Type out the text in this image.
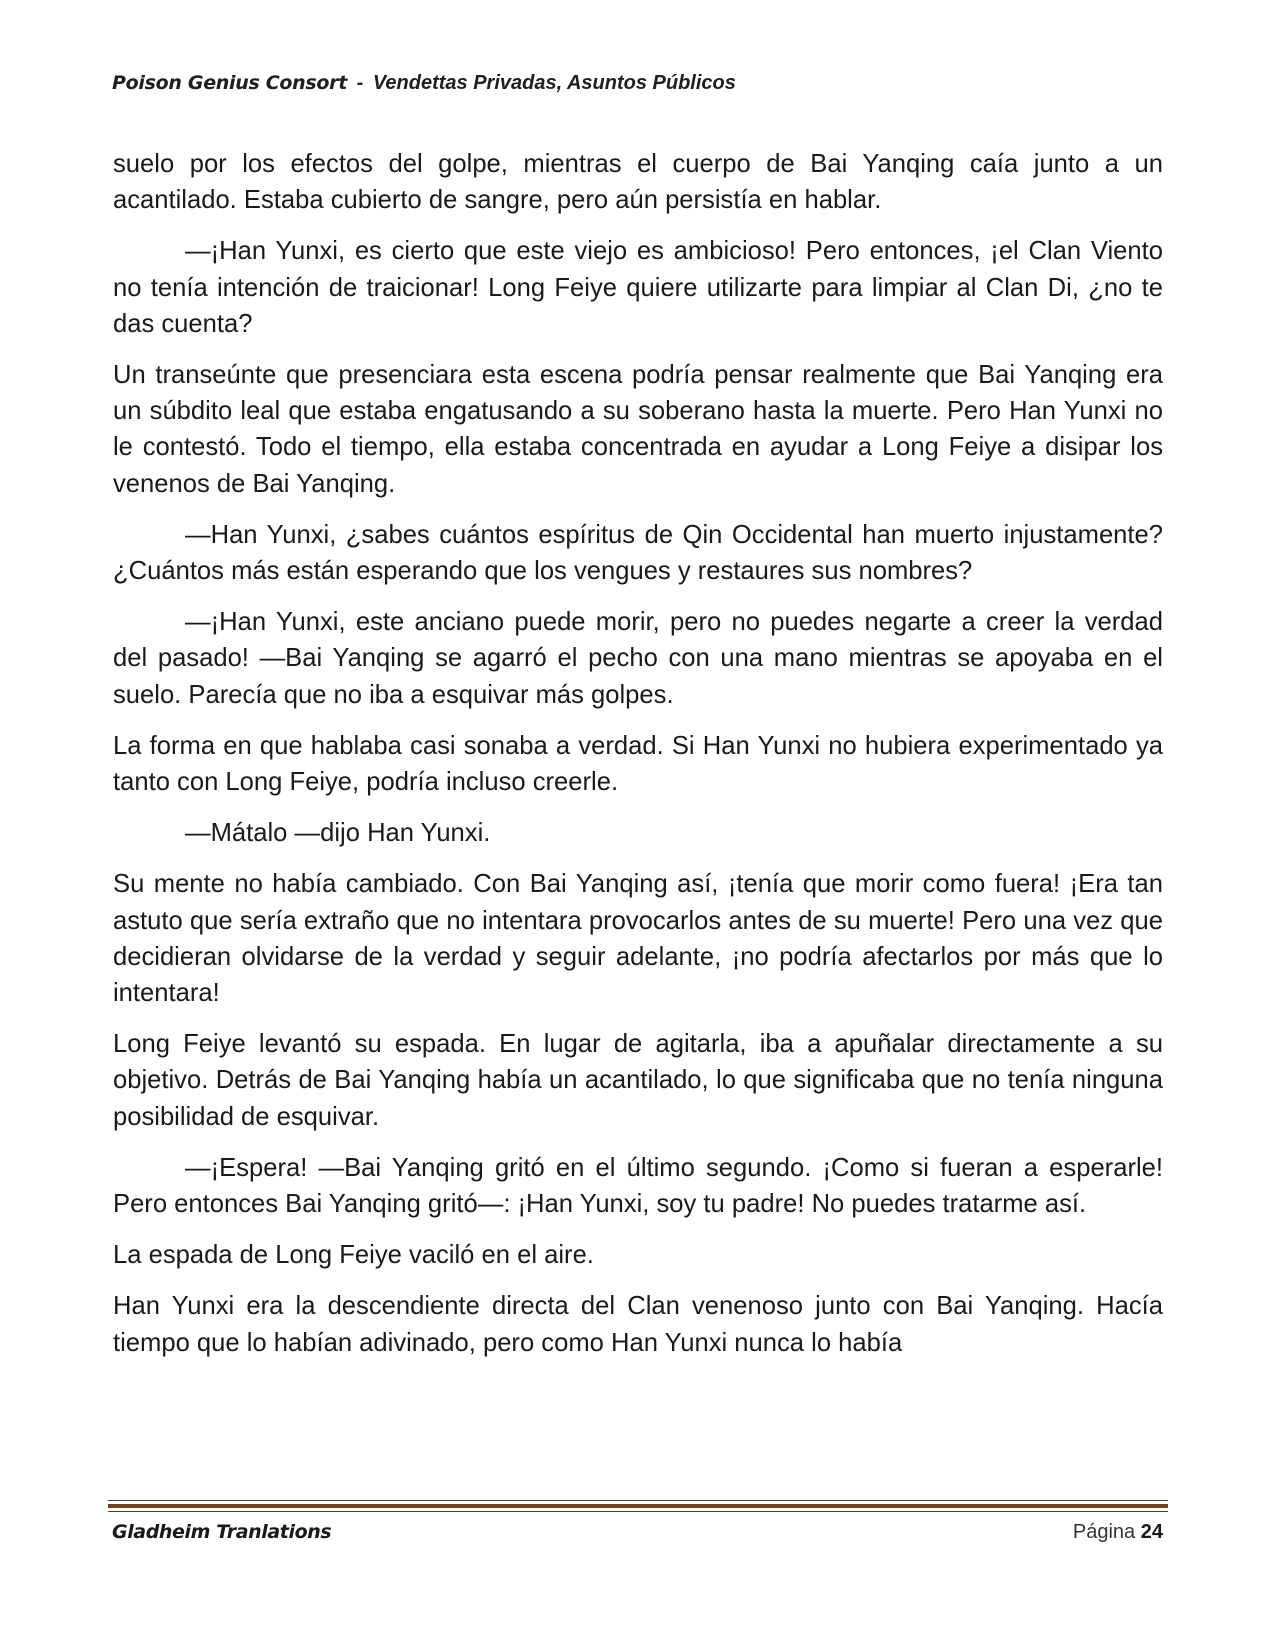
Poison Genius Consort - Vendettas Privadas, Asuntos Públicos

suelo por los efectos del golpe, mientras el cuerpo de Bai Yanqing caía junto a un acantilado. Estaba cubierto de sangre, pero aún persistía en hablar.

—¡Han Yunxi, es cierto que este viejo es ambicioso! Pero entonces, ¡el Clan Viento no tenía intención de traicionar! Long Feiye quiere utilizarte para limpiar al Clan Di, ¿no te das cuenta?

Un transeúnte que presenciara esta escena podría pensar realmente que Bai Yanqing era un súbdito leal que estaba engatusando a su soberano hasta la muerte. Pero Han Yunxi no le contestó. Todo el tiempo, ella estaba concentrada en ayudar a Long Feiye a disipar los venenos de Bai Yanqing.

—Han Yunxi, ¿sabes cuántos espíritus de Qin Occidental han muerto injustamente? ¿Cuántos más están esperando que los vengues y restaures sus nombres?

—¡Han Yunxi, este anciano puede morir, pero no puedes negarte a creer la verdad del pasado! —Bai Yanqing se agarró el pecho con una mano mientras se apoyaba en el suelo. Parecía que no iba a esquivar más golpes.

La forma en que hablaba casi sonaba a verdad. Si Han Yunxi no hubiera experimentado ya tanto con Long Feiye, podría incluso creerle.

—Mátalo —dijo Han Yunxi.

Su mente no había cambiado. Con Bai Yanqing así, ¡tenía que morir como fuera! ¡Era tan astuto que sería extraño que no intentara provocarlos antes de su muerte! Pero una vez que decidieran olvidarse de la verdad y seguir adelante, ¡no podría afectarlos por más que lo intentara!

Long Feiye levantó su espada. En lugar de agitarla, iba a apuñalar directamente a su objetivo. Detrás de Bai Yanqing había un acantilado, lo que significaba que no tenía ninguna posibilidad de esquivar.

—¡Espera! —Bai Yanqing gritó en el último segundo. ¡Como si fueran a esperarle! Pero entonces Bai Yanqing gritó—: ¡Han Yunxi, soy tu padre! No puedes tratarme así.

La espada de Long Feiye vaciló en el aire.

Han Yunxi era la descendiente directa del Clan venenoso junto con Bai Yanqing. Hacía tiempo que lo habían adivinado, pero como Han Yunxi nunca lo había

Gladheim Tranlations	Página 24
